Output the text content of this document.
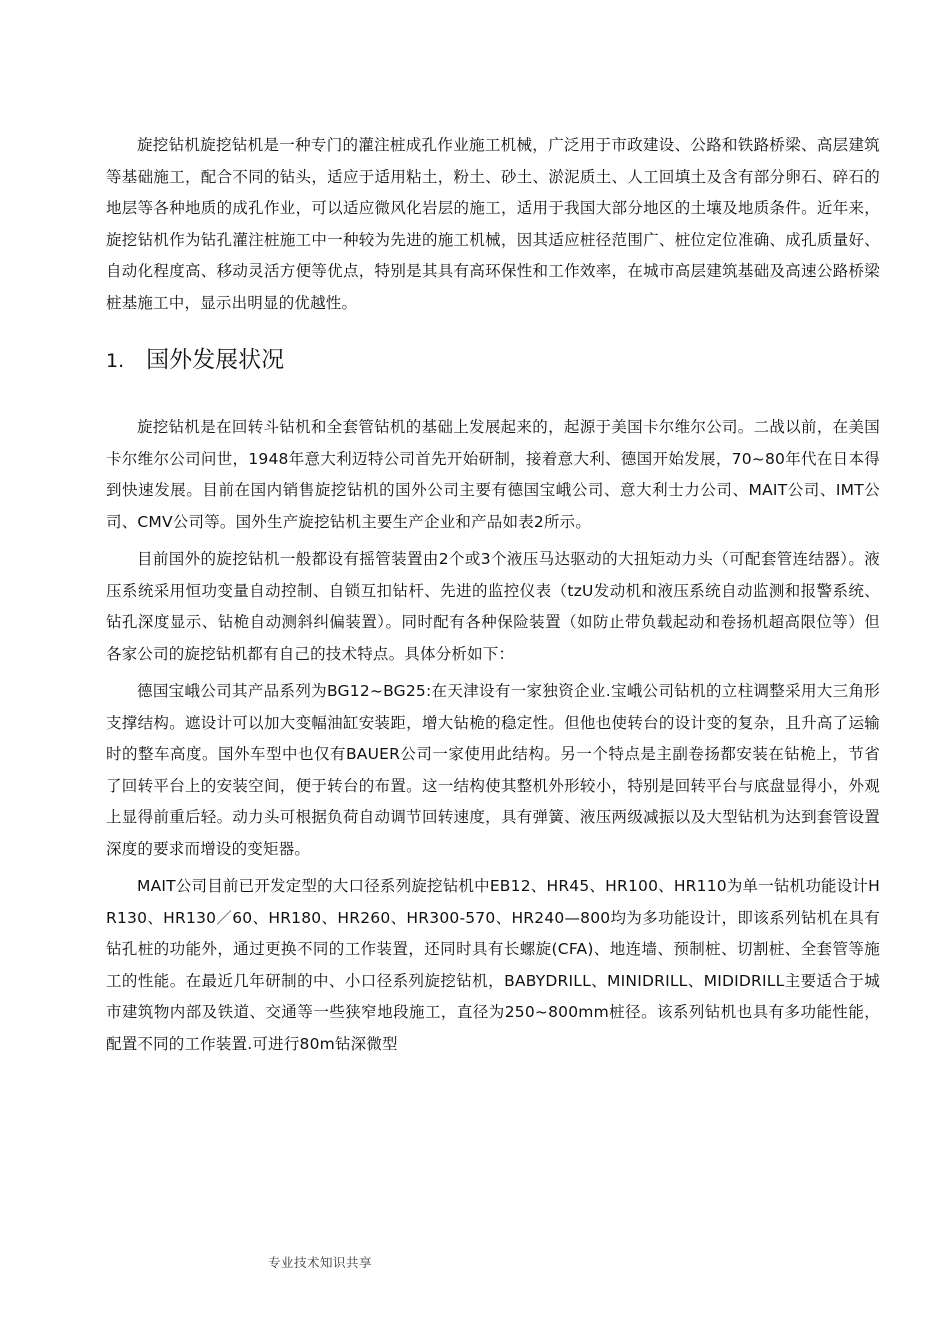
旋挖钻机旋挖钻机是一种专门的灌注桩成孔作业施工机械，广泛用于市政建设、公路和铁路桥梁、高层建筑等基础施工，配合不同的钻头，适应于适用粘土，粉土、砂土、淤泥质土、人工回填土及含有部分卵石、碎石的地层等各种地质的成孔作业，可以适应微风化岩层的施工，适用于我国大部分地区的土壤及地质条件。近年来，旋挖钻机作为钻孔灌注桩施工中一种较为先进的施工机械，因其适应桩径范围广、桩位定位准确、成孔质量好、自动化程度高、移动灵活方便等优点，特别是其具有高环保性和工作效率，在城市高层建筑基础及高速公路桥梁桩基施工中，显示出明显的优越性。

1. 国外发展状况

旋挖钻机是在回转斗钻机和全套管钻机的基础上发展起来的，起源于美国卡尔维尔公司。二战以前，在美国卡尔维尔公司问世，1948年意大利迈特公司首先开始研制，接着意大利、德国开始发展，70~80年代在日本得到快速发展。目前在国内销售旋挖钻机的国外公司主要有德国宝峨公司、意大利士力公司、MAIT公司、IMT公司、CMV公司等。国外生产旋挖钻机主要生产企业和产品如表2所示。

目前国外的旋挖钻机一般都设有摇管装置由2个或3个液压马达驱动的大扭矩动力头（可配套管连结器）。液压系统采用恒功变量自动控制、自锁互扣钻杆、先进的监控仪表（tzU发动机和液压系统自动监测和报警系统、钻孔深度显示、钻桅自动测斜纠偏装置）。同时配有各种保险装置（如防止带负载起动和卷扬机超高限位等）但各家公司的旋挖钻机都有自己的技术特点。具体分析如下：

德国宝峨公司其产品系列为BG12~BG25:在天津设有一家独资企业.宝峨公司钻机的立柱调整采用大三角形支撑结构。遮设计可以加大变幅油缸安装距，增大钻桅的稳定性。但他也使转台的设计变的复杂，且升高了运输时的整车高度。国外车型中也仅有BAUER公司一家使用此结构。另一个特点是主副卷扬都安装在钻桅上，节省了回转平台上的安装空间，便于转台的布置。这一结构使其整机外形较小，特别是回转平台与底盘显得小，外观上显得前重后轻。动力头可根据负荷自动调节回转速度，具有弹簧、液压两级减振以及大型钻机为达到套管设置深度的要求而增设的变矩器。

MAIT公司目前已开发定型的大口径系列旋挖钻机中EB12、HR45、HR100、HR110为单一钻机功能设计HR130、HR130／60、HR180、HR260、HR300-570、HR240—800均为多功能设计，即该系列钻机在具有钻孔桩的功能外，通过更换不同的工作装置，还同时具有长螺旋(CFA)、地连墙、预制桩、切割桩、全套管等施工的性能。在最近几年研制的中、小口径系列旋挖钻机，BABYDRILL、MINIDRILL、MIDIDRILL主要适合于城市建筑物内部及铁道、交通等一些狭窄地段施工，直径为250~800mm桩径。该系列钻机也具有多功能性能，配置不同的工作装置.可进行80m钻深微型

专业技术知识共享
